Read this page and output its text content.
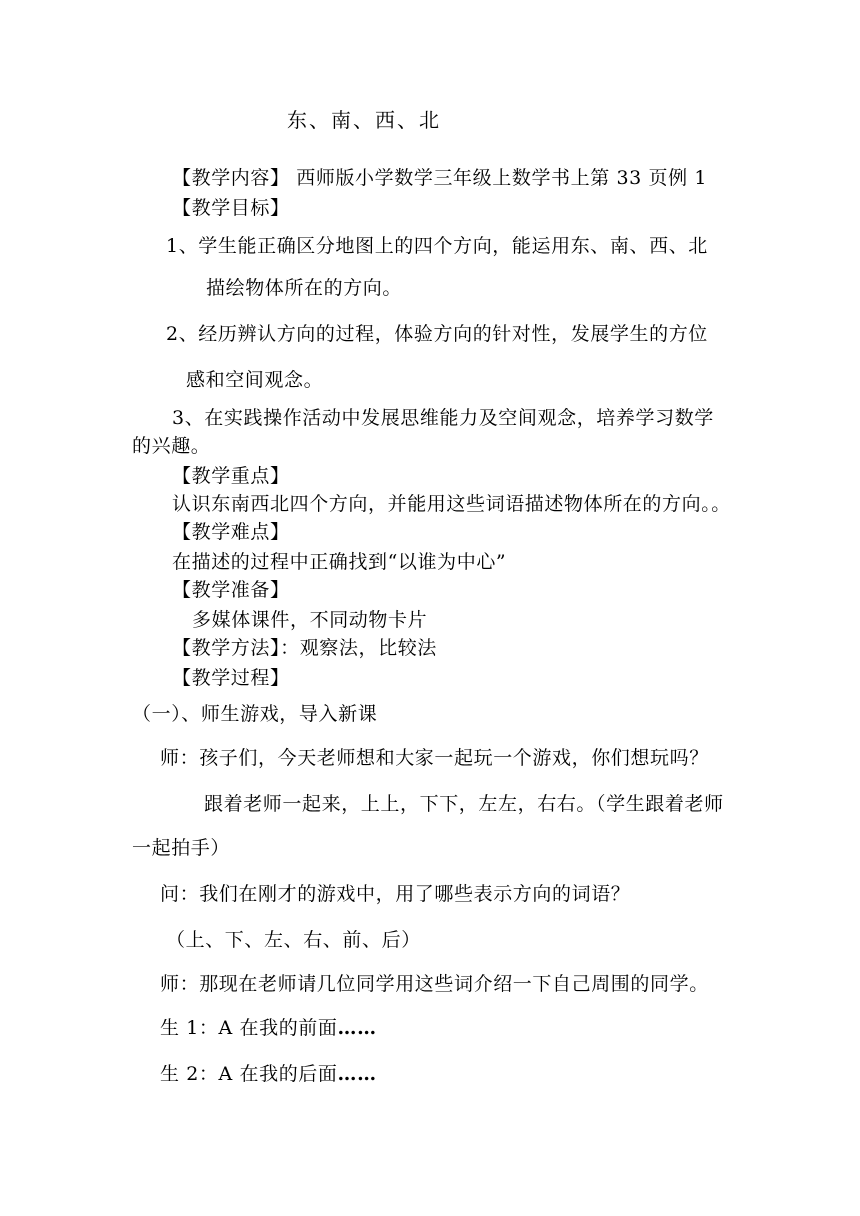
东、南、西、北
【教学内容】 西师版小学数学三年级上数学书上第 33 页例 1
【教学目标】
1、学生能正确区分地图上的四个方向，能运用东、南、西、北
描绘物体所在的方向。
2、经历辨认方向的过程，体验方向的针对性，发展学生的方位
感和空间观念。
3、在实践操作活动中发展思维能力及空间观念，培养学习数学
的兴趣。
【教学重点】
认识东南西北四个方向，并能用这些词语描述物体所在的方向。。
【教学难点】
在描述的过程中正确找到“以谁为中心”
【教学准备】
多媒体课件，不同动物卡片
【教学方法】：观察法，比较法
【教学过程】
（一）、师生游戏，导入新课
师：孩子们，今天老师想和大家一起玩一个游戏，你们想玩吗？
跟着老师一起来，上上，下下，左左，右右。（学生跟着老师
一起拍手）
问：我们在刚才的游戏中，用了哪些表示方向的词语？
（上、下、左、右、前、后）
师：那现在老师请几位同学用这些词介绍一下自己周围的同学。
生 1：A 在我的前面……
生 2：A 在我的后面……
